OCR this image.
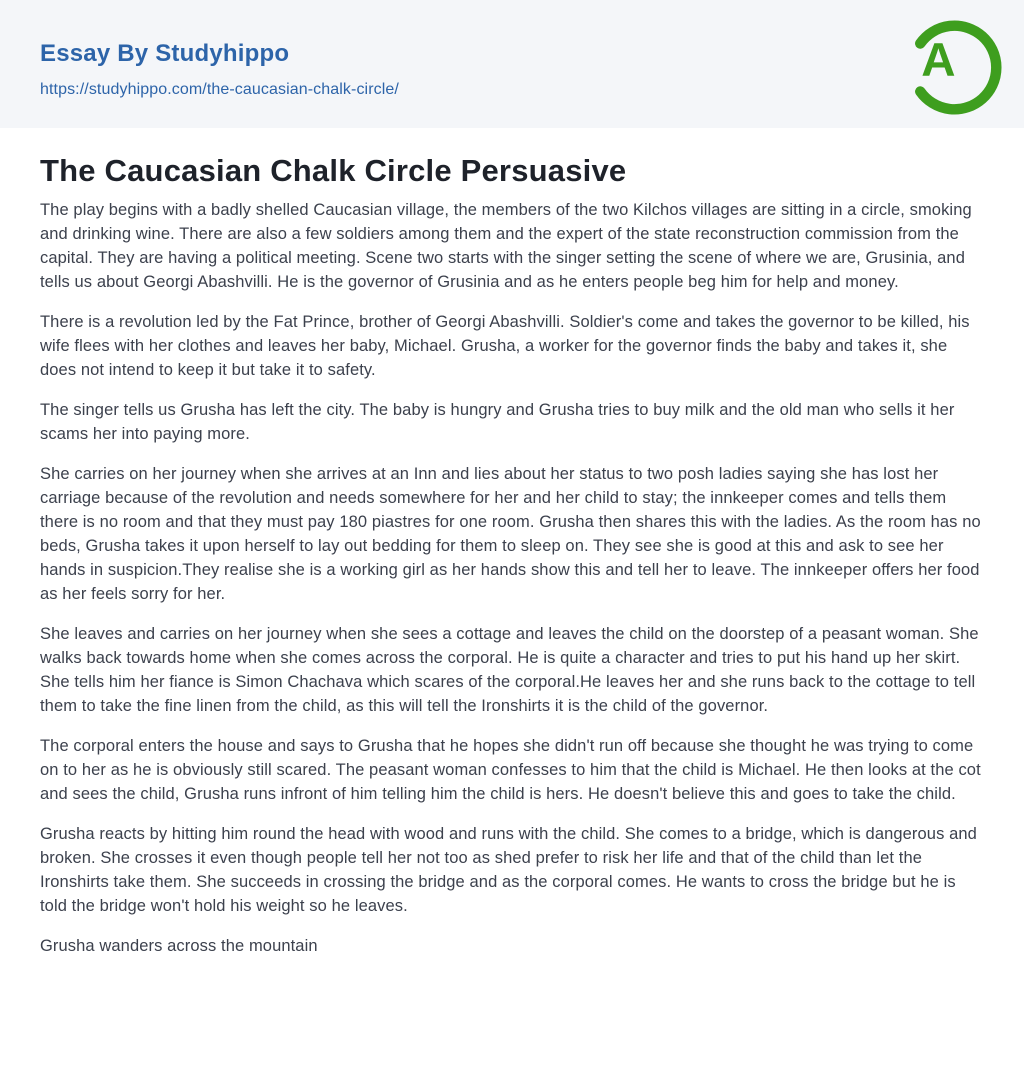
Essay By Studyhippo
https://studyhippo.com/the-caucasian-chalk-circle/
A
The Caucasian Chalk Circle Persuasive

The play begins with a badly shelled Caucasian village, the members of the two Kilchos villages are sitting in a circle, smoking and drinking wine. There are also a few soldiers among them and the expert of the state reconstruction commission from the capital. They are having a political meeting. Scene two starts with the singer setting the scene of where we are, Grusinia, and tells us about Georgi Abashvilli. He is the governor of Grusinia and as he enters people beg him for help and money.

There is a revolution led by the Fat Prince, brother of Georgi Abashvilli. Soldier's come and takes the governor to be killed, his wife flees with her clothes and leaves her baby, Michael. Grusha, a worker for the governor finds the baby and takes it, she does not intend to keep it but take it to safety.

The singer tells us Grusha has left the city. The baby is hungry and Grusha tries to buy milk and the old man who sells it her scams her into paying more.

She carries on her journey when she arrives at an Inn and lies about her status to two posh ladies saying she has lost her carriage because of the revolution and needs somewhere for her and her child to stay; the innkeeper comes and tells them there is no room and that they must pay 180 piastres for one room. Grusha then shares this with the ladies. As the room has no beds, Grusha takes it upon herself to lay out bedding for them to sleep on. They see she is good at this and ask to see her hands in suspicion.They realise she is a working girl as her hands show this and tell her to leave. The innkeeper offers her food as her feels sorry for her.

She leaves and carries on her journey when she sees a cottage and leaves the child on the doorstep of a peasant woman. She walks back towards home when she comes across the corporal. He is quite a character and tries to put his hand up her skirt. She tells him her fiance is Simon Chachava which scares of the corporal.He leaves her and she runs back to the cottage to tell them to take the fine linen from the child, as this will tell the Ironshirts it is the child of the governor.

The corporal enters the house and says to Grusha that he hopes she didn't run off because she thought he was trying to come on to her as he is obviously still scared. The peasant woman confesses to him that the child is Michael. He then looks at the cot and sees the child, Grusha runs infront of him telling him the child is hers. He doesn't believe this and goes to take the child.

Grusha reacts by hitting him round the head with wood and runs with the child. She comes to a bridge, which is dangerous and broken. She crosses it even though people tell her not too as shed prefer to risk her life and that of the child than let the Ironshirts take them. She succeeds in crossing the bridge and as the corporal comes. He wants to cross the bridge but he is told the bridge won't hold his weight so he leaves.

Grusha wanders across the mountain
